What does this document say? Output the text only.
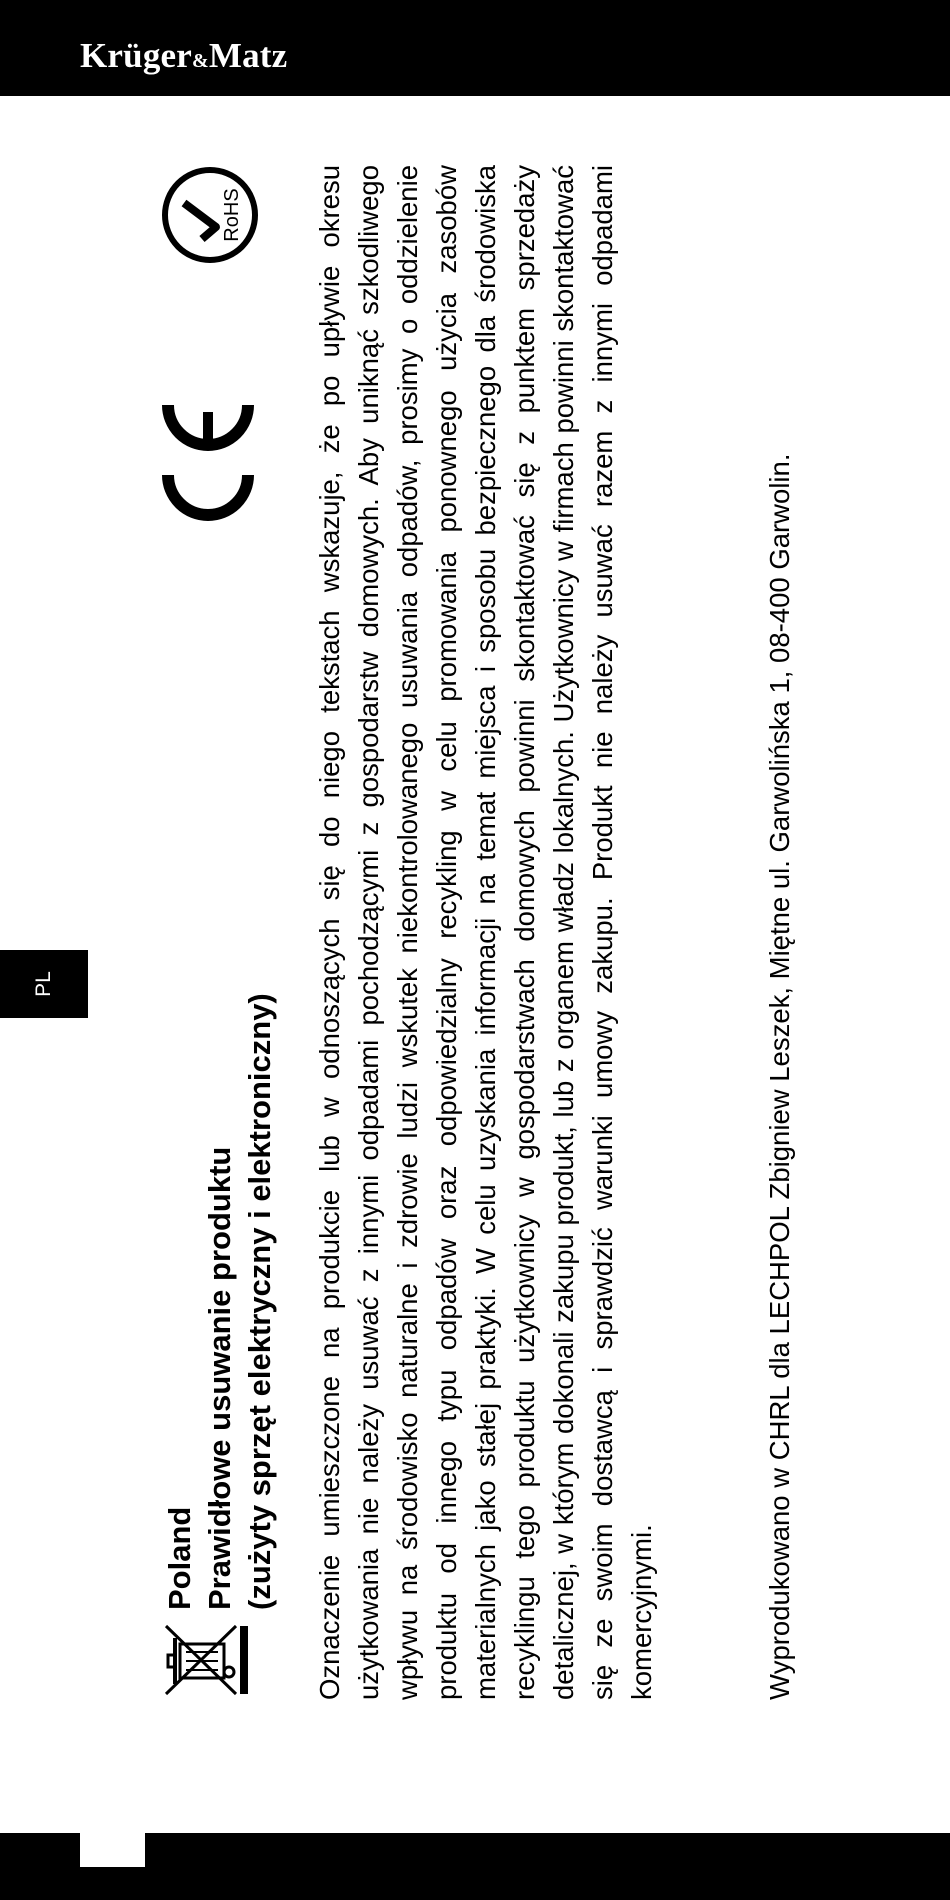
Krüger&Matz
PL
Poland Prawidłowe usuwanie produktu (zużyty sprzęt elektryczny i elektroniczny)
RoHS	Oznaczenie umieszczone na produkcie lub w odnoszących się do niego tekstach wskazuje, że po upływie okresu użytkowania nie należy usuwać z innymi odpadami pochodzącymi z gospodarstw domowych. Aby uniknąć szkodliwego wpływu na środowisko naturalne i zdrowie ludzi wskutek niekontrolowanego usuwania odpadów, prosimy o oddzielenie produktu od innego typu odpadów oraz odpowiedzialny recykling w celu promowania ponownego użycia zasobów materialnych jako stałej praktyki. W celu uzyskania informacji na temat miejsca i sposobu bezpiecznego dla środowiska recyklingu tego produktu użytkownicy w gospodarstwach domowych powinni skontaktować się z punktem sprzedaży detalicznej, w którym dokonali zakupu produkt, lub z organem władz lokalnych. Użytkownicy w firmach powinni skontaktować się ze swoim dostawcą i sprawdzić warunki umowy zakupu. Produkt nie należy usuwać razem z innymi odpadami komercyjnymi.	Wyprodukowano w CHRL dla LECHPOL Zbigniew Leszek, Miętne ul. Garwolińska 1, 08-400 Garwolin.
